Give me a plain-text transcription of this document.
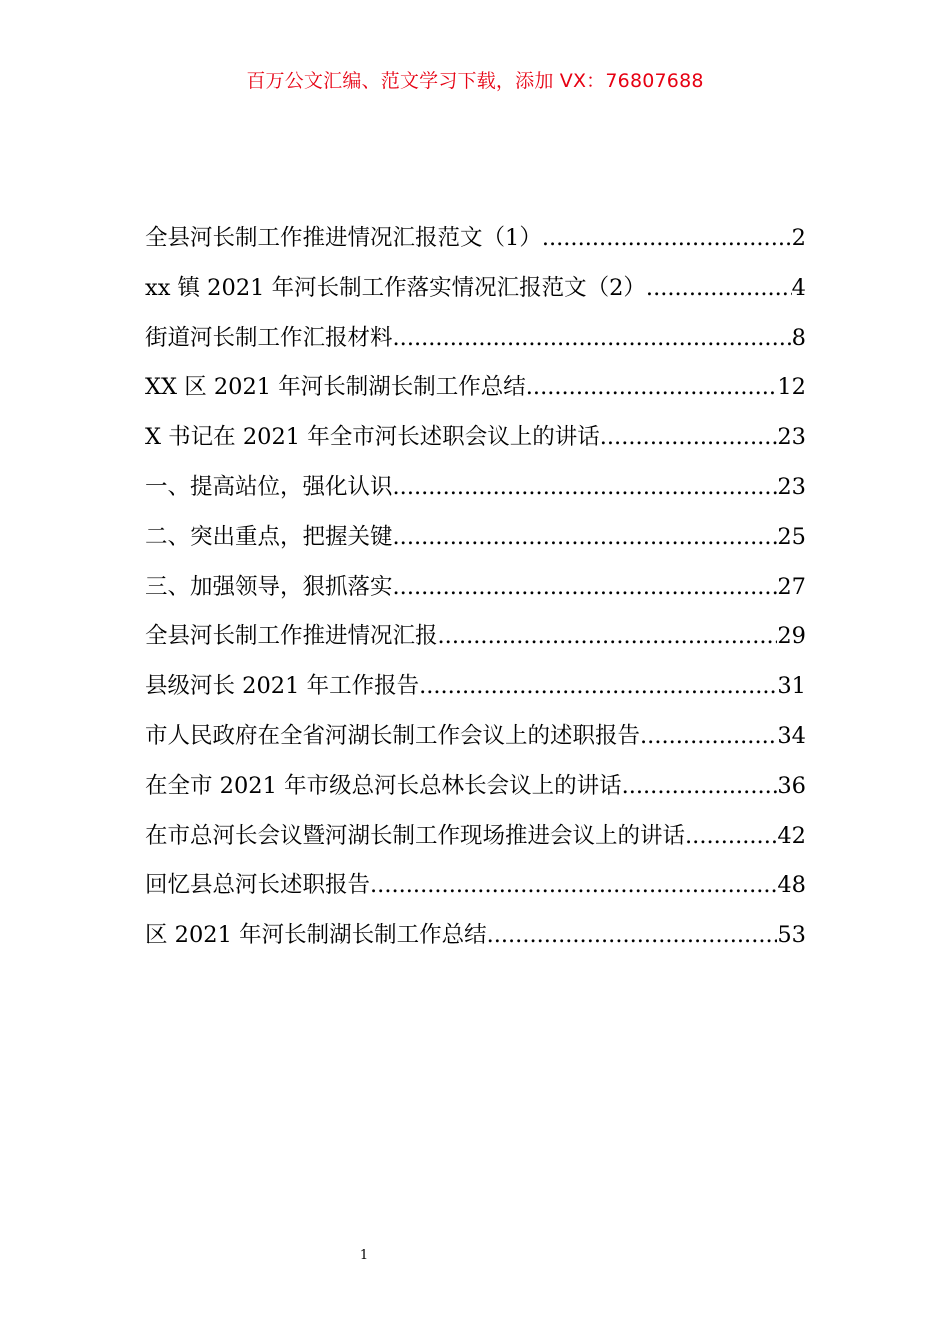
百万公文汇编、范文学习下载，添加 VX：76807688
全县河长制工作推进情况汇报范文（1） .....	2
xx 镇 2021 年河长制工作落实情况汇报范文（2） .....	4
街道河长制工作汇报材料 .....	8
XX 区 2021 年河长制湖长制工作总结 .....	12
X 书记在 2021 年全市河长述职会议上的讲话 .....	23
一、提高站位，强化认识 .....	23
二、突出重点，把握关键 .....	25
三、加强领导，狠抓落实 .....	27
全县河长制工作推进情况汇报 .....	29
县级河长 2021 年工作报告 .....	31
市人民政府在全省河湖长制工作会议上的述职报告 .....	34
在全市 2021 年市级总河长总林长会议上的讲话 .....	36
在市总河长会议暨河湖长制工作现场推进会议上的讲话 .....	42
回忆县总河长述职报告 .....	48
区 2021 年河长制湖长制工作总结 .....	53
1
